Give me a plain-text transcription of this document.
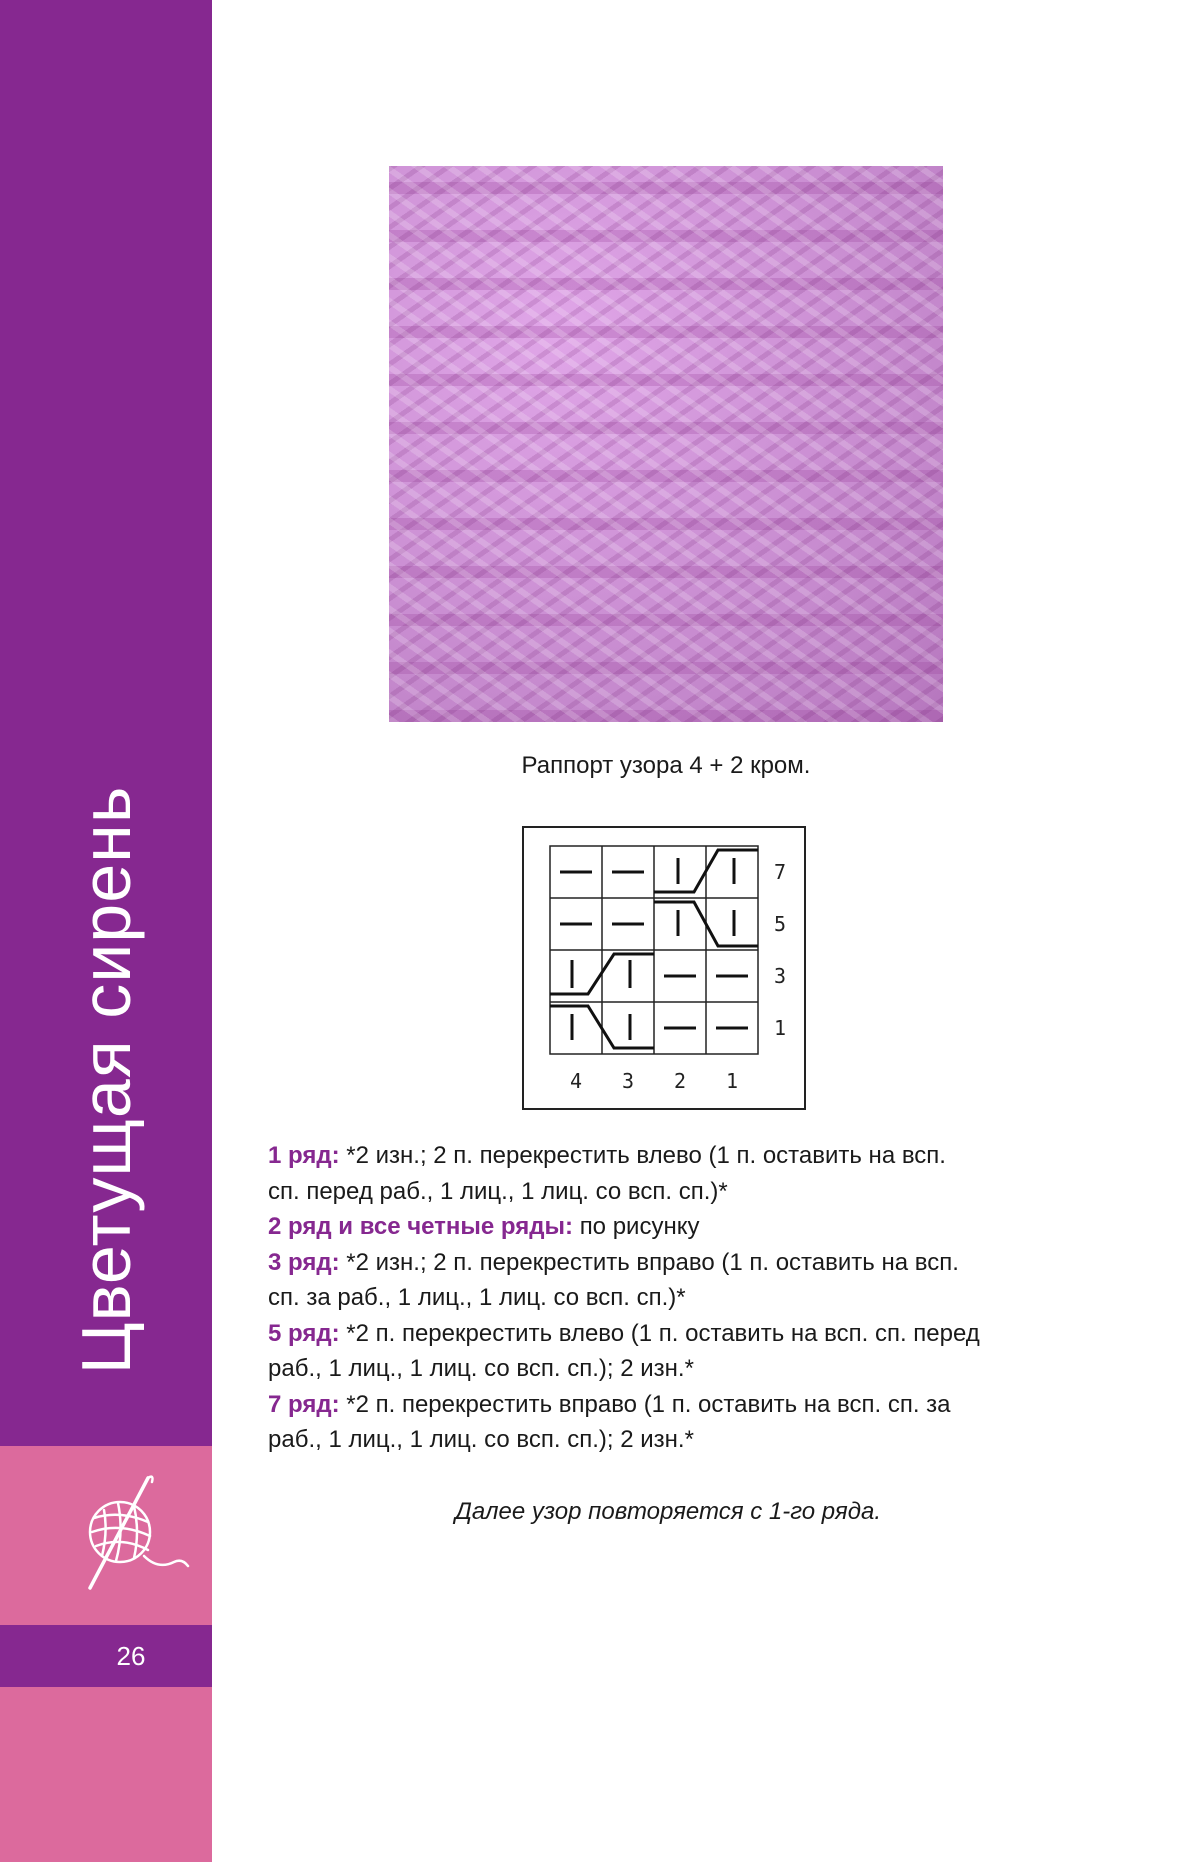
Цветущая сирень
26
Раппорт узора 4 + 2 кром.
7
5
3
1
4 3 2 1

1 ряд: *2 изн.; 2 п. перекрестить влево (1 п. оставить на всп.
сп. перед раб., 1 лиц., 1 лиц. со всп. сп.)*

2 ряд и все четные ряды: по рисунку

3 ряд: *2 изн.; 2 п. перекрестить вправо (1 п. оставить на всп.
сп. за раб., 1 лиц., 1 лиц. со всп. сп.)*

5 ряд: *2 п. перекрестить влево (1 п. оставить на всп. сп. перед
раб., 1 лиц., 1 лиц. со всп. сп.); 2 изн.*

7 ряд: *2 п. перекрестить вправо (1 п. оставить на всп. сп. за
раб., 1 лиц., 1 лиц. со всп. сп.); 2 изн.*

Далее узор повторяется с 1-го ряда.
